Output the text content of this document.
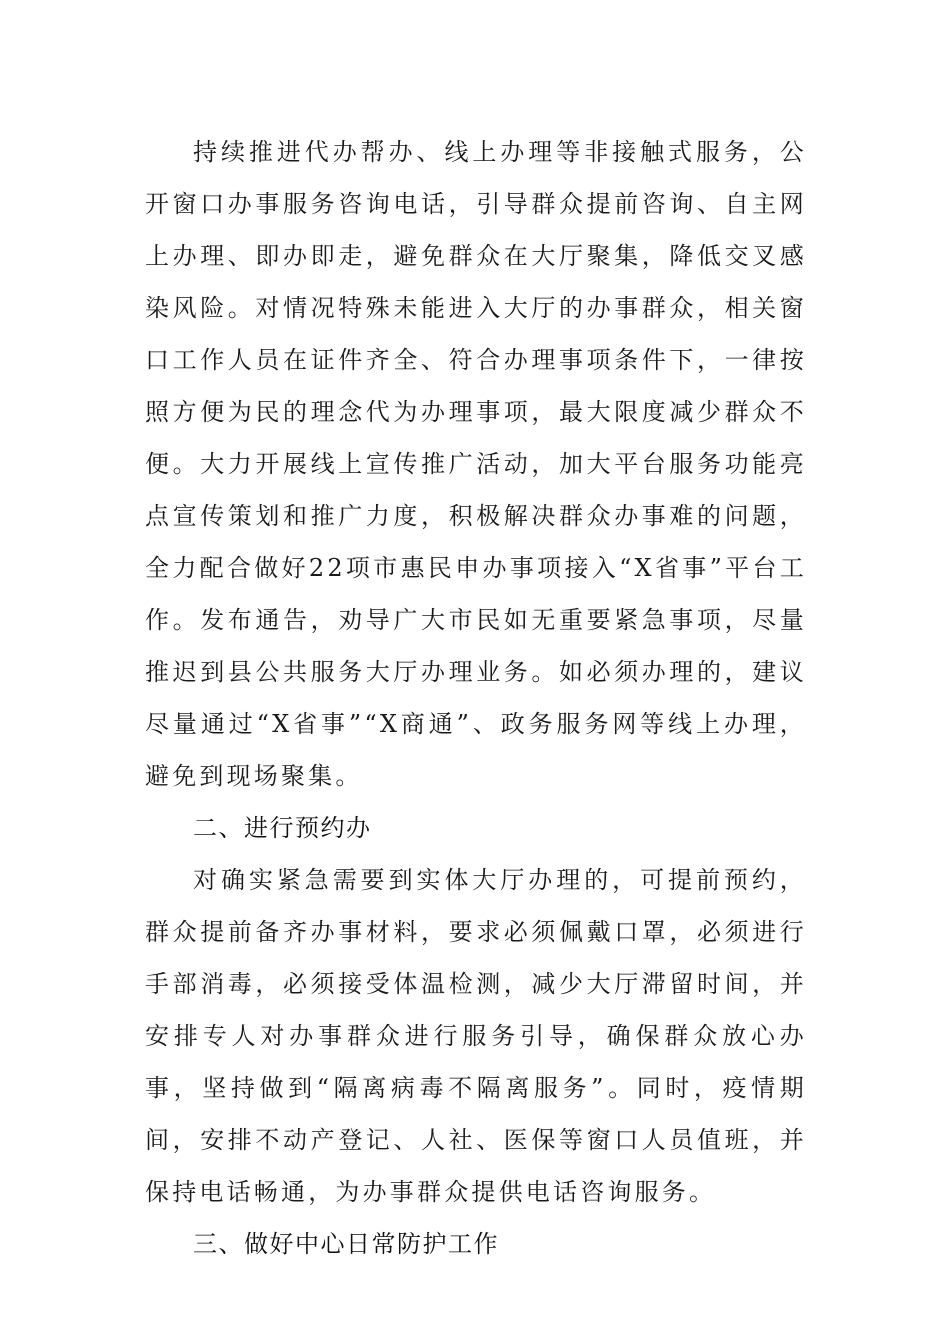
持续推进代办帮办、线上办理等非接触式服务，公开窗口办事服务咨询电话，引导群众提前咨询、自主网上办理、即办即走，避免群众在大厅聚集，降低交叉感染风险。对情况特殊未能进入大厅的办事群众，相关窗口工作人员在证件齐全、符合办理事项条件下，一律按照方便为民的理念代为办理事项，最大限度减少群众不便。大力开展线上宣传推广活动，加大平台服务功能亮点宣传策划和推广力度，积极解决群众办事难的问题，全力配合做好22项市惠民申办事项接入“X省事”平台工作。发布通告，劝导广大市民如无重要紧急事项，尽量推迟到县公共服务大厅办理业务。如必须办理的，建议尽量通过“X省事”“X商通”、政务服务网等线上办理，避免到现场聚集。

二、进行预约办

对确实紧急需要到实体大厅办理的，可提前预约，群众提前备齐办事材料，要求必须佩戴口罩，必须进行手部消毒，必须接受体温检测，减少大厅滞留时间，并安排专人对办事群众进行服务引导，确保群众放心办事，坚持做到“隔离病毒不隔离服务”。同时，疫情期间，安排不动产登记、人社、医保等窗口人员值班，并保持电话畅通，为办事群众提供电话咨询服务。

三、做好中心日常防护工作
